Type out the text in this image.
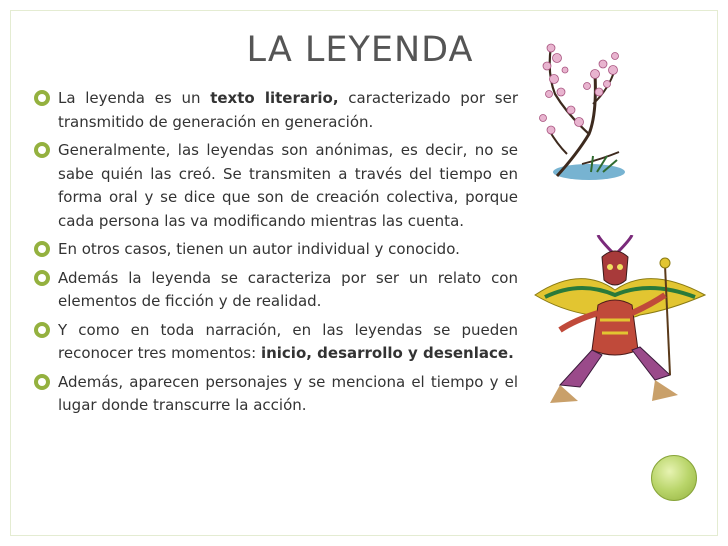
LA LEYENDA
La leyenda es un texto literario, caracterizado por ser transmitido de generación en generación.
Generalmente, las leyendas son anónimas, es decir, no se sabe quién las creó. Se transmiten a través del tiempo en forma oral y se dice que son de creación colectiva, porque cada persona las va modificando mientras las cuenta.
En otros casos, tienen un autor individual y conocido.
Además la leyenda se caracteriza por ser un relato con elementos de ficción y de realidad.
Y como en toda narración, en las leyendas se pueden reconocer tres momentos: inicio, desarrollo y desenlace.
Además, aparecen personajes y se menciona el tiempo y el lugar donde transcurre la acción.
